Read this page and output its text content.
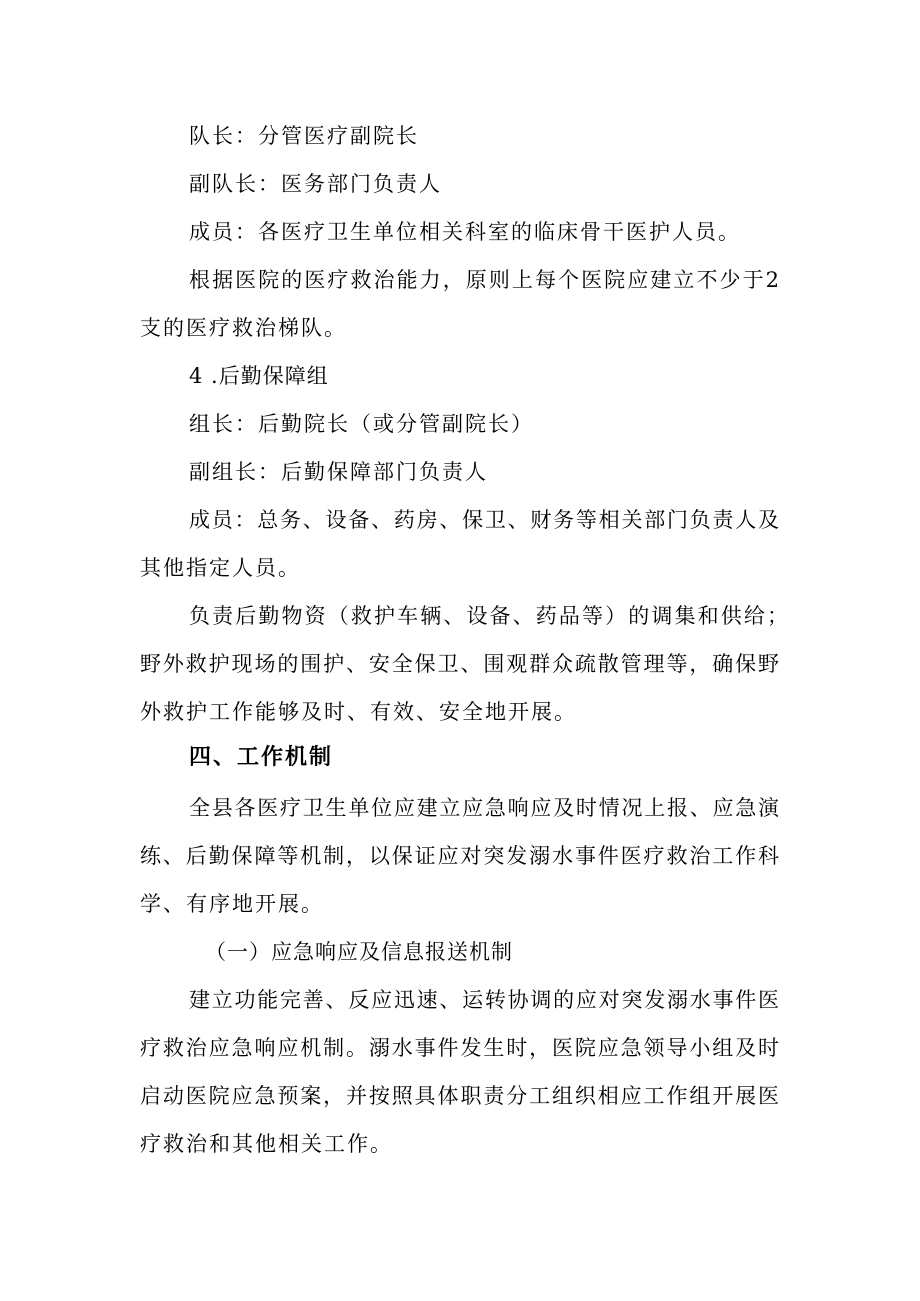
队长：分管医疗副院长
副队长：医务部门负责人
成员：各医疗卫生单位相关科室的临床骨干医护人员。
根据医院的医疗救治能力，原则上每个医院应建立不少于2
支的医疗救治梯队。
4 .后勤保障组
组长：后勤院长（或分管副院长）
副组长：后勤保障部门负责人
成员：总务、设备、药房、保卫、财务等相关部门负责人及
其他指定人员。
负责后勤物资（救护车辆、设备、药品等）的调集和供给；
野外救护现场的围护、安全保卫、围观群众疏散管理等，确保野
外救护工作能够及时、有效、安全地开展。
四、工作机制
全县各医疗卫生单位应建立应急响应及时情况上报、应急演
练、后勤保障等机制，以保证应对突发溺水事件医疗救治工作科
学、有序地开展。
（一）应急响应及信息报送机制
建立功能完善、反应迅速、运转协调的应对突发溺水事件医
疗救治应急响应机制。溺水事件发生时，医院应急领导小组及时
启动医院应急预案，并按照具体职责分工组织相应工作组开展医
疗救治和其他相关工作。
